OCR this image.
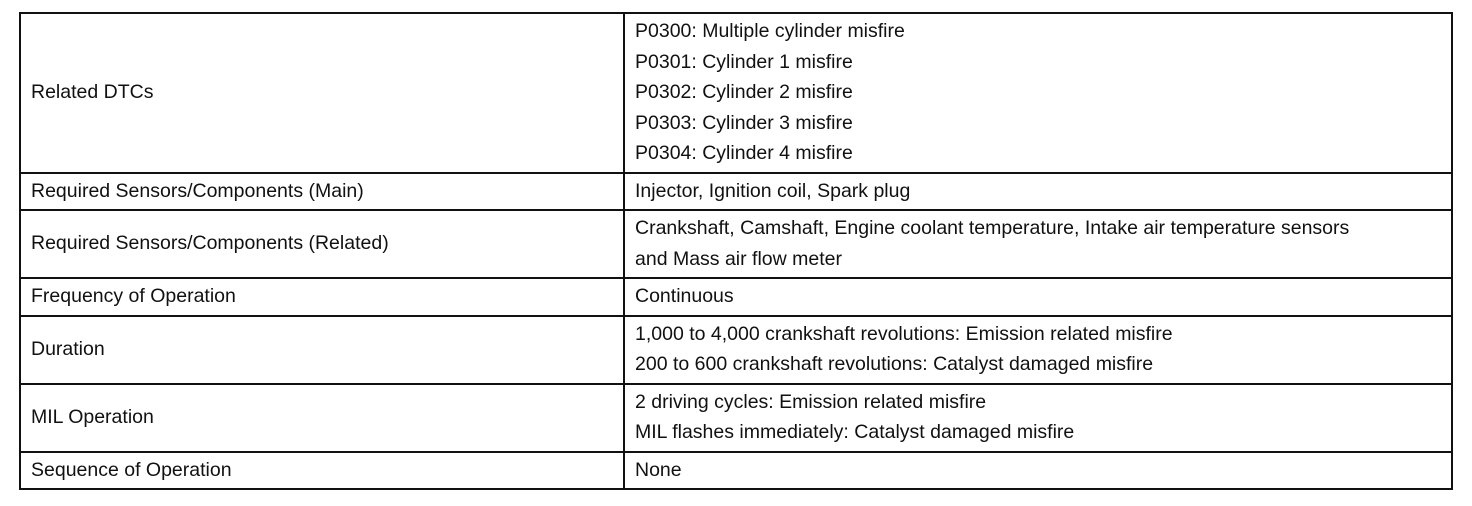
Related DTCs	P0300: Multiple cylinder misfire
P0301: Cylinder 1 misfire
P0302: Cylinder 2 misfire
P0303: Cylinder 3 misfire
P0304: Cylinder 4 misfire

Required Sensors/Components (Main)	Injector, Ignition coil, Spark plug

Required Sensors/Components (Related)	Crankshaft, Camshaft, Engine coolant temperature, Intake air temperature sensors
and Mass air flow meter

Frequency of Operation	Continuous

Duration	1,000 to 4,000 crankshaft revolutions: Emission related misfire
200 to 600 crankshaft revolutions: Catalyst damaged misfire

MIL Operation	2 driving cycles: Emission related misfire
MIL flashes immediately: Catalyst damaged misfire

Sequence of Operation	None
